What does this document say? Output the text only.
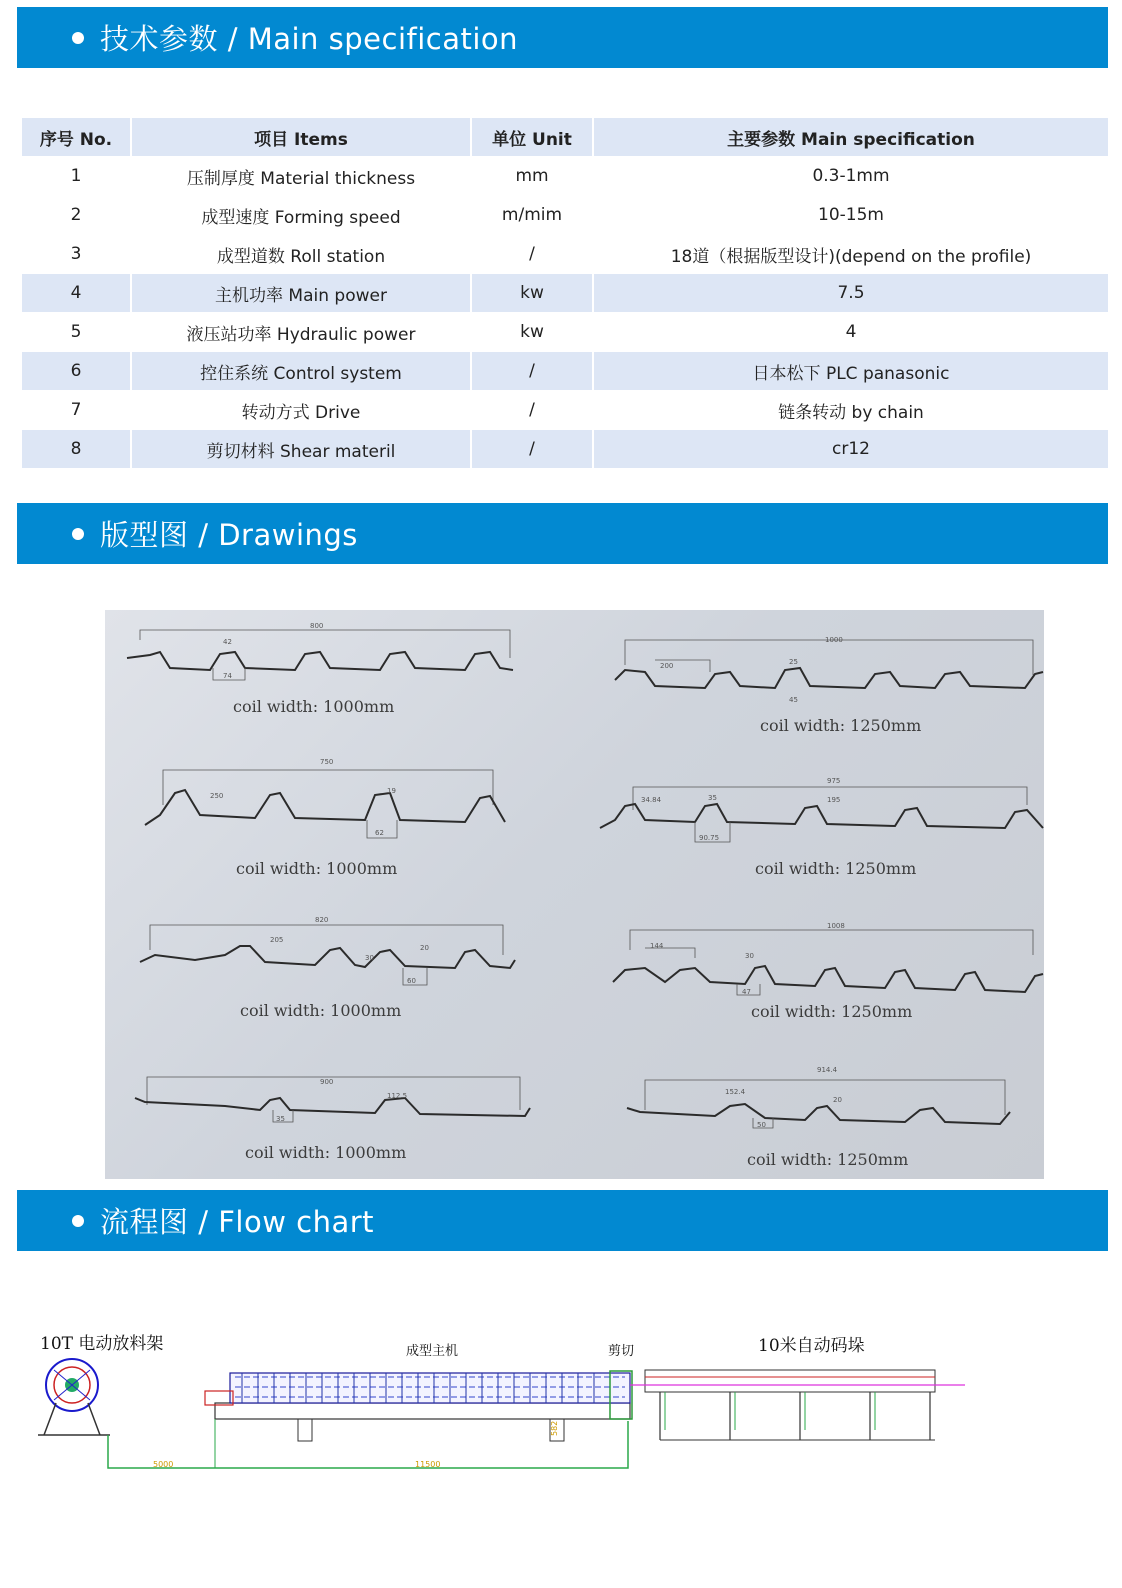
技术参数 / Main specification
序号 No.	项目 Items	单位 Unit	主要参数 Main specification
1	压制厚度 Material thickness	mm	0.3-1mm
2	成型速度 Forming speed	m/mim	10-15m
3	成型道数 Roll station	/	18道（根据版型设计)(depend on the profile)
4	主机功率 Main power	kw	7.5
5	液压站功率 Hydraulic power	kw	4
6	控住系统 Control system	/	日本松下 PLC panasonic
7	转动方式 Drive	/	链条转动 by chain
8	剪切材料 Shear materil	/	cr12
版型图 / Drawings
800
42
74
coil width: 1000mm
1000
200	25
45
coil width: 1250mm
750
250
19
62
coil width: 1000mm
975
34.84	35	195
90.75
coil width: 1250mm
820
205
30
20
60
coil width: 1000mm
1008
144
30
47
coil width: 1250mm
900
112.5
35
coil width: 1000mm
914.4
152.4
20
50
coil width: 1250mm
流程图 / Flow chart
10T 电动放料架	成型主机
582
剪切	10米自动码垛
5000	11500
